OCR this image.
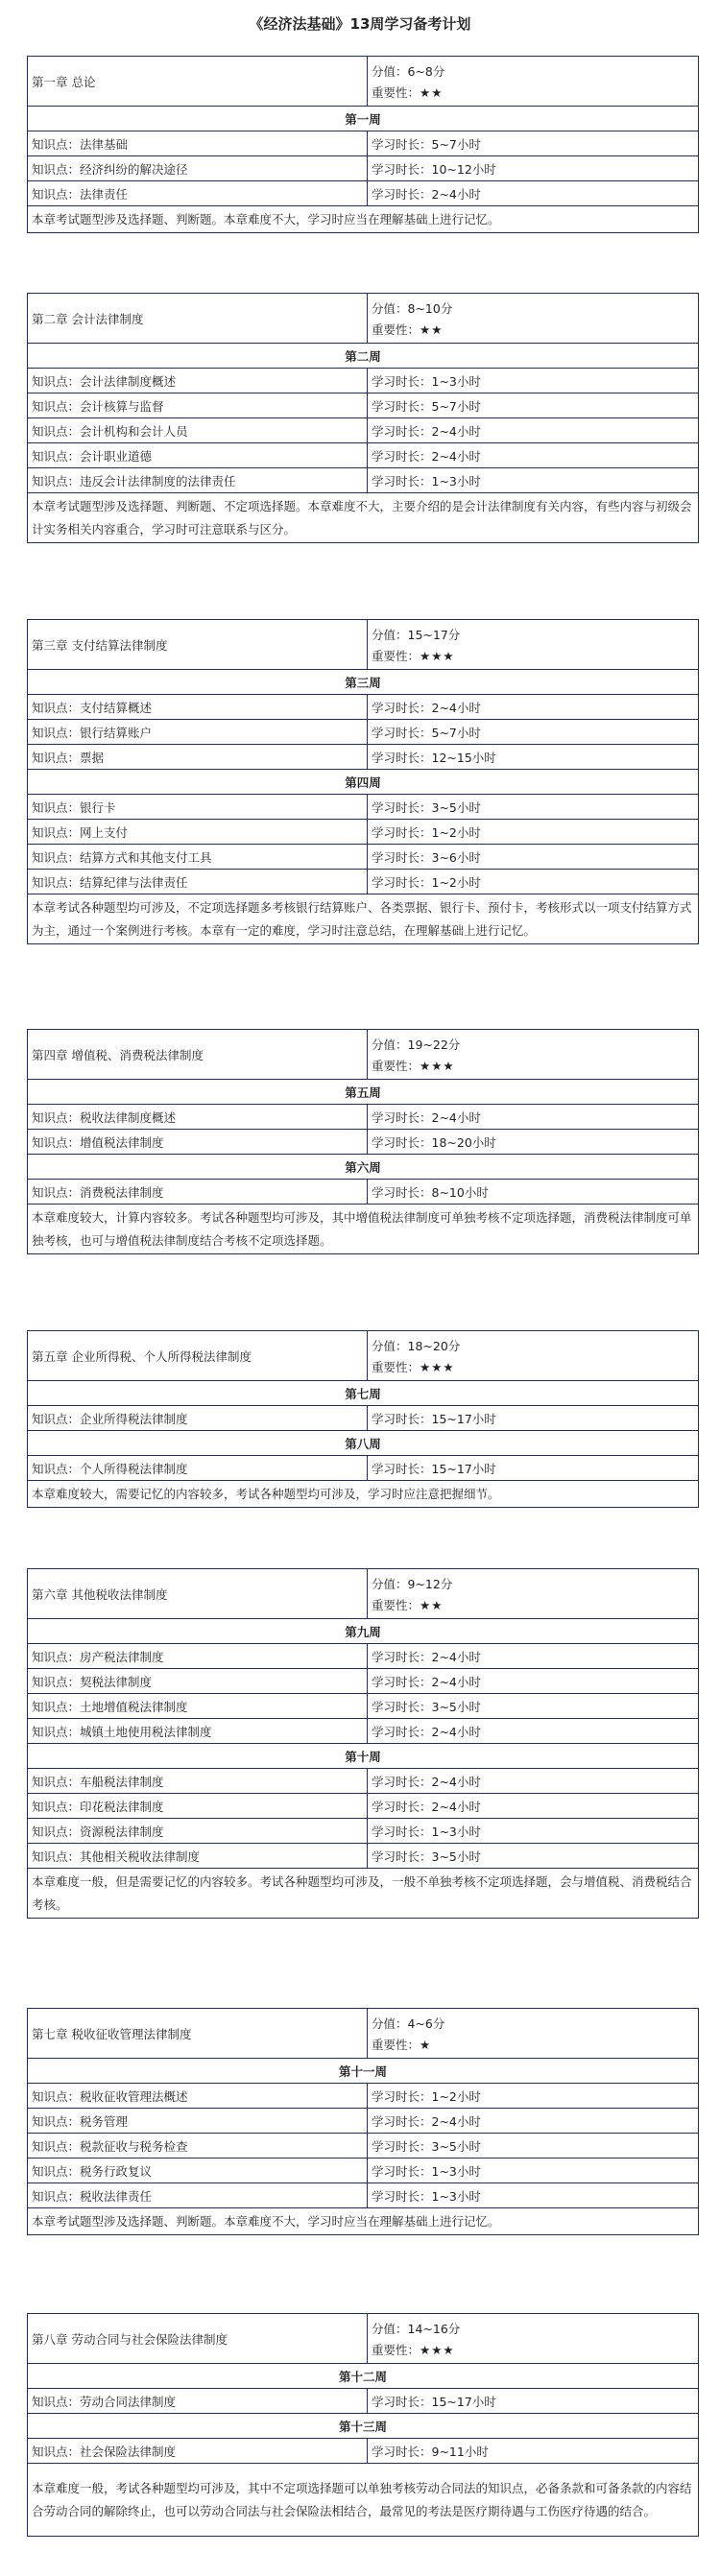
《经济法基础》13周学习备考计划
第一章 总论	分值：6~8分
重要性：★★

第一周	
知识点：法律基础	学习时长：5~7小时
知识点：经济纠纷的解决途径	学习时长：10~12小时
知识点：法律责任	学习时长：2~4小时
本章考试题型涉及选择题、判断题。本章难度不大，学习时应当在理解基础上进行记忆。	
第二章 会计法律制度	分值：8~10分
重要性：★★

第二周	
知识点：会计法律制度概述	学习时长：1~3小时
知识点：会计核算与监督	学习时长：5~7小时
知识点：会计机构和会计人员	学习时长：2~4小时
知识点：会计职业道德	学习时长：2~4小时
知识点：违反会计法律制度的法律责任	学习时长：1~3小时
本章考试题型涉及选择题、判断题、不定项选择题。本章难度不大，主要介绍的是会计法律制度有关内容，有些内容与初级会计实务相关内容重合，学习时可注意联系与区分。	
第三章 支付结算法律制度	分值：15~17分
重要性：★★★

第三周	
知识点：支付结算概述	学习时长：2~4小时
知识点：银行结算账户	学习时长：5~7小时
知识点：票据	学习时长：12~15小时
第四周	
知识点：银行卡	学习时长：3~5小时
知识点：网上支付	学习时长：1~2小时
知识点：结算方式和其他支付工具	学习时长：3~6小时
知识点：结算纪律与法律责任	学习时长：1~2小时
本章考试各种题型均可涉及，不定项选择题多考核银行结算账户、各类票据、银行卡、预付卡，考核形式以一项支付结算方式为主，通过一个案例进行考核。本章有一定的难度，学习时注意总结，在理解基础上进行记忆。	
第四章 增值税、消费税法律制度	分值：19~22分
重要性：★★★

第五周	
知识点：税收法律制度概述	学习时长：2~4小时
知识点：增值税法律制度	学习时长：18~20小时
第六周	
知识点：消费税法律制度	学习时长：8~10小时
本章难度较大，计算内容较多。考试各种题型均可涉及，其中增值税法律制度可单独考核不定项选择题，消费税法律制度可单独考核，也可与增值税法律制度结合考核不定项选择题。	
第五章 企业所得税、个人所得税法律制度	分值：18~20分
重要性：★★★

第七周	
知识点：企业所得税法律制度	学习时长：15~17小时
第八周	
知识点：个人所得税法律制度	学习时长：15~17小时
本章难度较大，需要记忆的内容较多，考试各种题型均可涉及，学习时应注意把握细节。	
第六章 其他税收法律制度	分值：9~12分
重要性：★★

第九周	
知识点：房产税法律制度	学习时长：2~4小时
知识点：契税法律制度	学习时长：2~4小时
知识点：土地增值税法律制度	学习时长：3~5小时
知识点：城镇土地使用税法律制度	学习时长：2~4小时
第十周	
知识点：车船税法律制度	学习时长：2~4小时
知识点：印花税法律制度	学习时长：2~4小时
知识点：资源税法律制度	学习时长：1~3小时
知识点：其他相关税收法律制度	学习时长：3~5小时
本章难度一般，但是需要记忆的内容较多。考试各种题型均可涉及，一般不单独考核不定项选择题，会与增值税、消费税结合考核。	
第七章 税收征收管理法律制度	分值：4~6分
重要性：★

第十一周	
知识点：税收征收管理法概述	学习时长：1~2小时
知识点：税务管理	学习时长：2~4小时
知识点：税款征收与税务检查	学习时长：3~5小时
知识点：税务行政复议	学习时长：1~3小时
知识点：税收法律责任	学习时长：1~3小时
本章考试题型涉及选择题、判断题。本章难度不大，学习时应当在理解基础上进行记忆。	
第八章 劳动合同与社会保险法律制度	分值：14~16分
重要性：★★★

第十二周	
知识点：劳动合同法律制度	学习时长：15~17小时
第十三周	
知识点：社会保险法律制度	学习时长：9~11小时
本章难度一般，考试各种题型均可涉及，其中不定项选择题可以单独考核劳动合同法的知识点，必备条款和可备条款的内容结合劳动合同的解除终止，也可以劳动合同法与社会保险法相结合，最常见的考法是医疗期待遇与工伤医疗待遇的结合。	
